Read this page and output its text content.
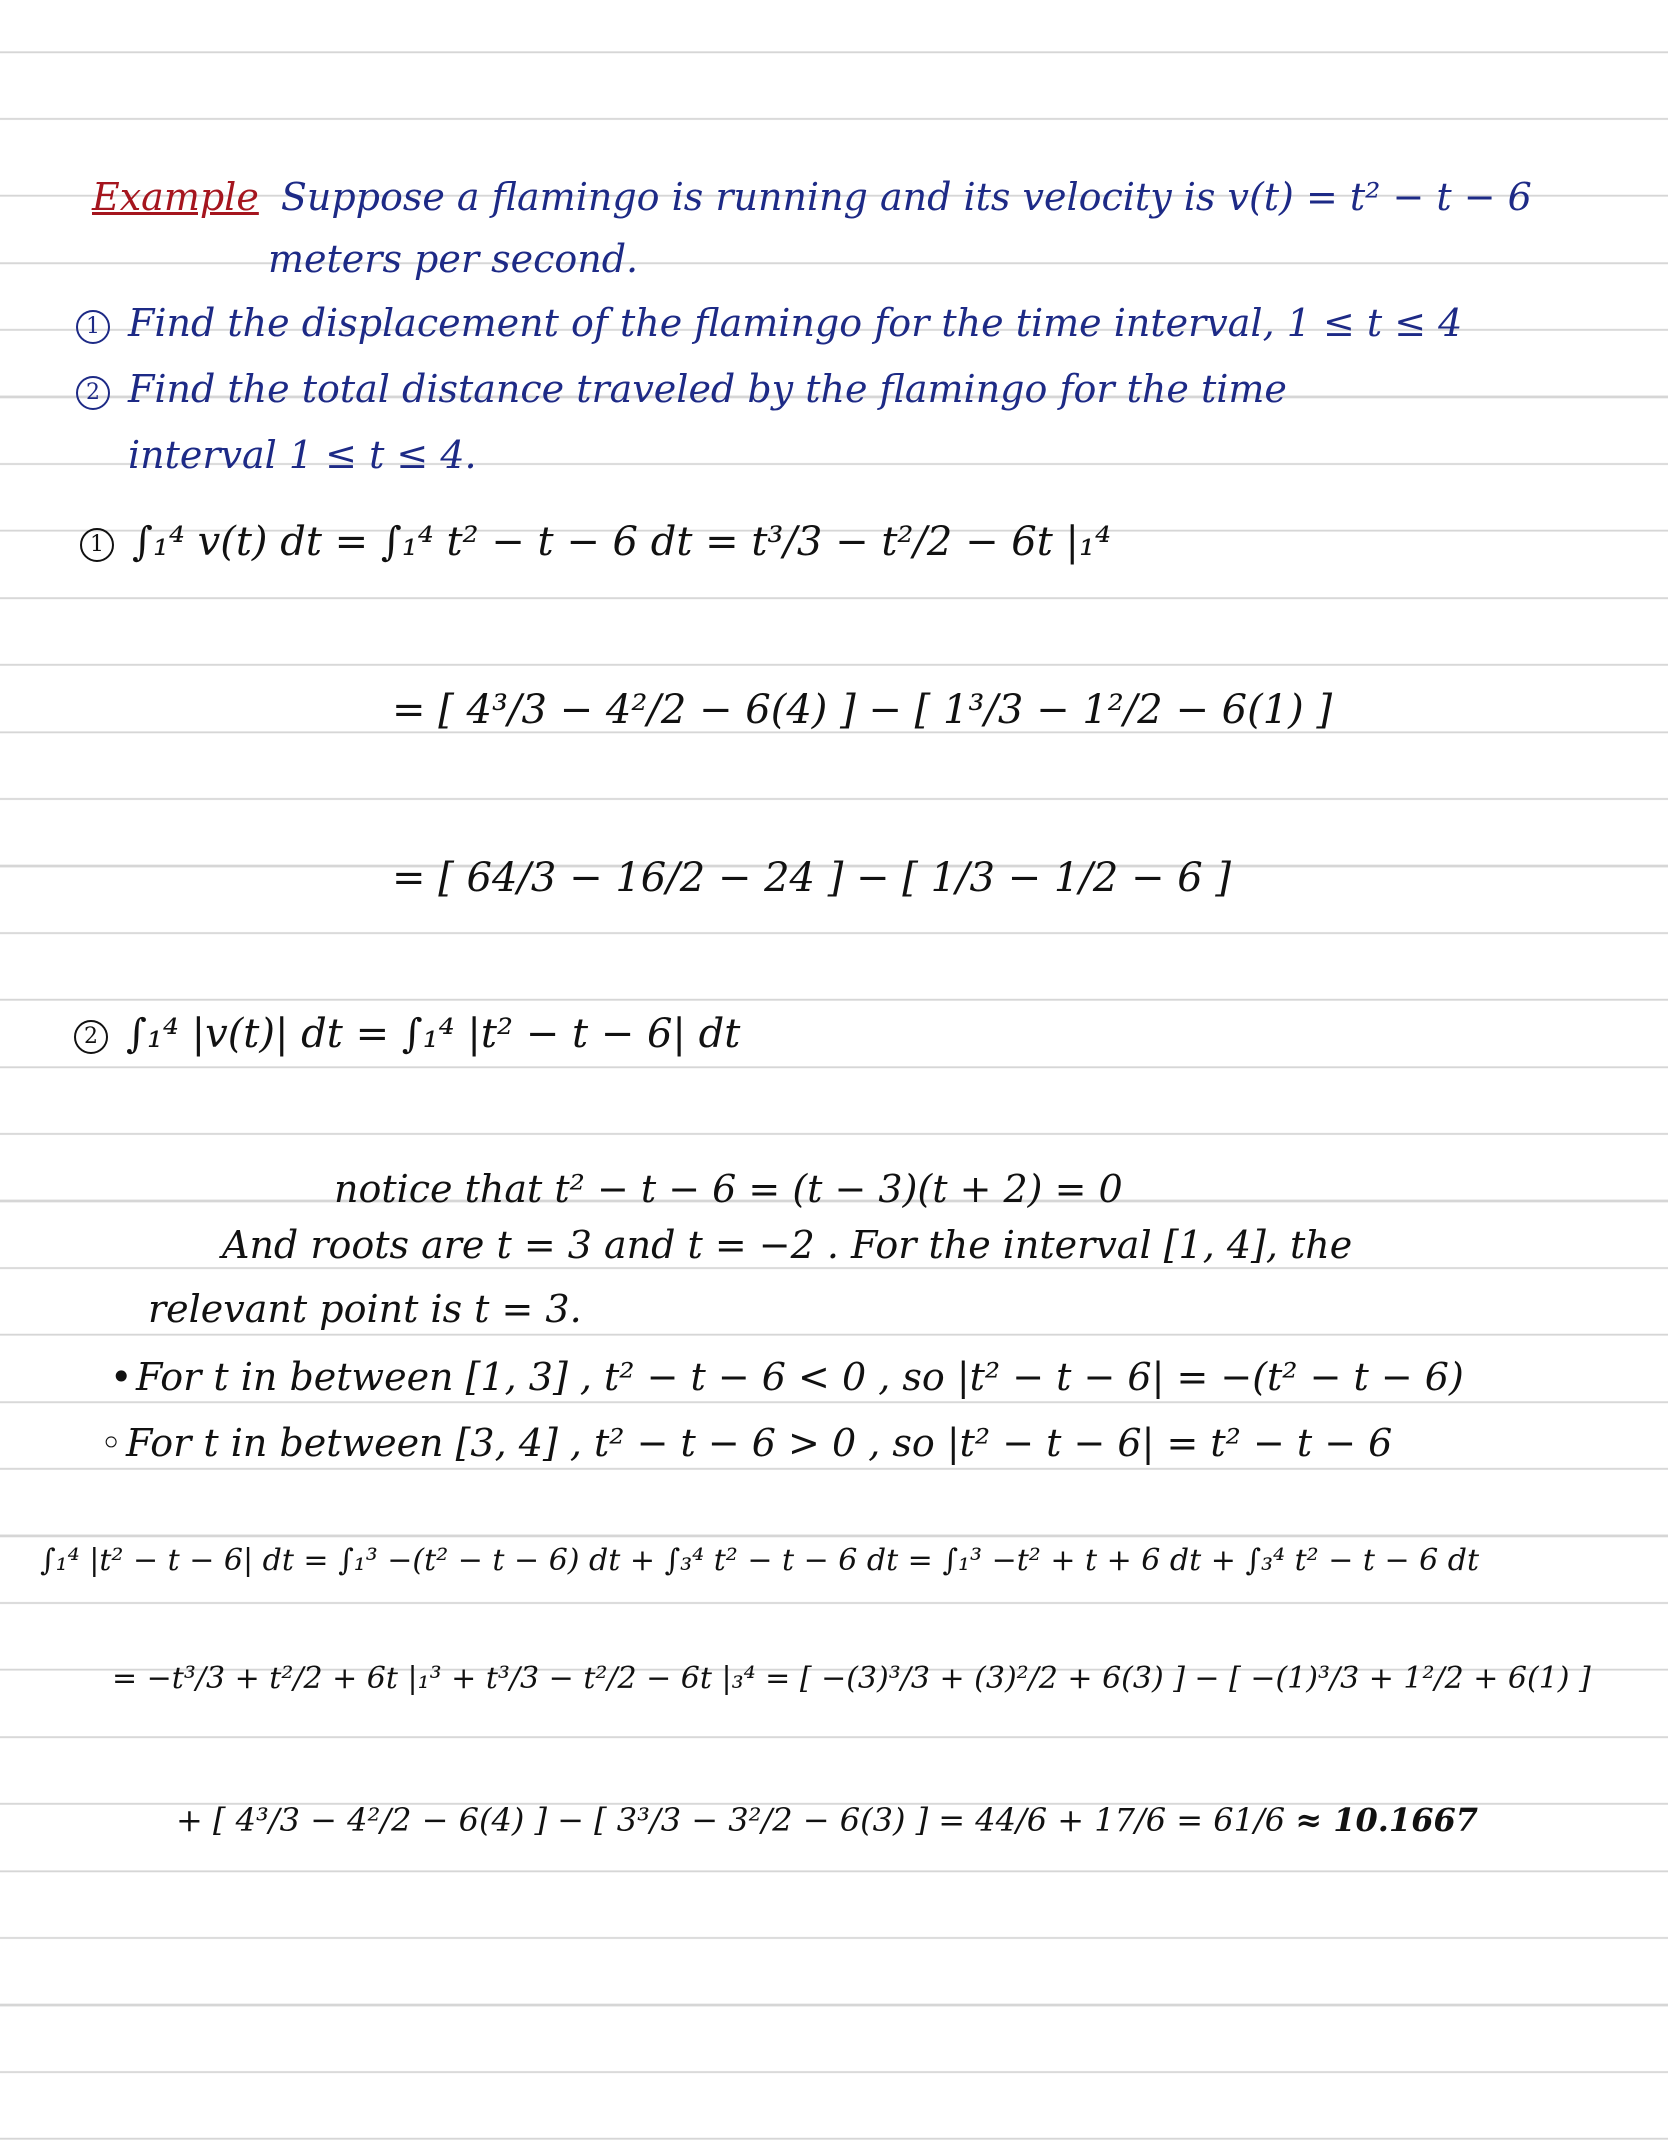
Example Suppose a flamingo is running and its velocity is v(t) = t² − t − 6
meters per second.
1 Find the displacement of the flamingo for the time interval, 1 ≤ t ≤ 4
2 Find the total distance traveled by the flamingo for the time
interval 1 ≤ t ≤ 4.
1 ∫₁⁴ v(t) dt = ∫₁⁴ t² − t − 6 dt = t³/3 − t²/2 − 6t |₁⁴
= [ 4³/3 − 4²/2 − 6(4) ] − [ 1³/3 − 1²/2 − 6(1) ]
= [ 64/3 − 16/2 − 24 ] − [ 1/3 − 1/2 − 6 ]
2 ∫₁⁴ |v(t)| dt = ∫₁⁴ |t² − t − 6| dt
notice that t² − t − 6 = (t − 3)(t + 2) = 0
And roots are t = 3 and t = −2 . For the interval [1, 4], the
relevant point is t = 3.
•For t in between [1, 3] , t² − t − 6 < 0 , so |t² − t − 6| = −(t² − t − 6)
◦For t in between [3, 4] , t² − t − 6 > 0 , so |t² − t − 6| = t² − t − 6
∫₁⁴ |t² − t − 6| dt = ∫₁³ −(t² − t − 6) dt + ∫₃⁴ t² − t − 6 dt = ∫₁³ −t² + t + 6 dt + ∫₃⁴ t² − t − 6 dt
= −t³/3 + t²/2 + 6t |₁³ + t³/3 − t²/2 − 6t |₃⁴ = [ −(3)³/3 + (3)²/2 + 6(3) ] − [ −(1)³/3 + 1²/2 + 6(1) ]
+ [ 4³/3 − 4²/2 − 6(4) ] − [ 3³/3 − 3²/2 − 6(3) ] = 44/6 + 17/6 = 61/6 ≈ 10.1667
